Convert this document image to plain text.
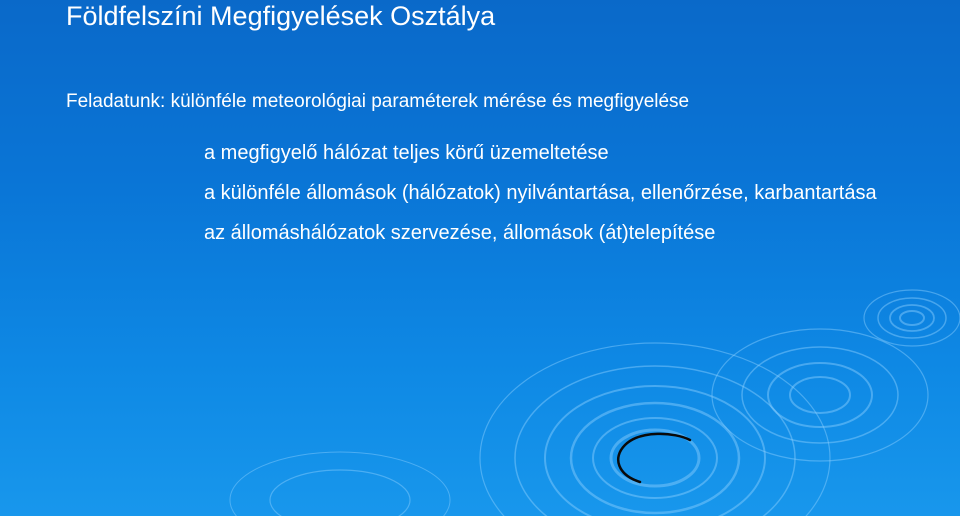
Földfelszíni Megfigyelések Osztálya
Feladatunk: különféle meteorológiai paraméterek mérése és megfigyelése

a megfigyelő hálózat teljes körű üzemeltetése

a különféle állomások (hálózatok) nyilvántartása, ellenőrzése, karbantartása

az állomáshálózatok szervezése, állomások (át)telepítése
